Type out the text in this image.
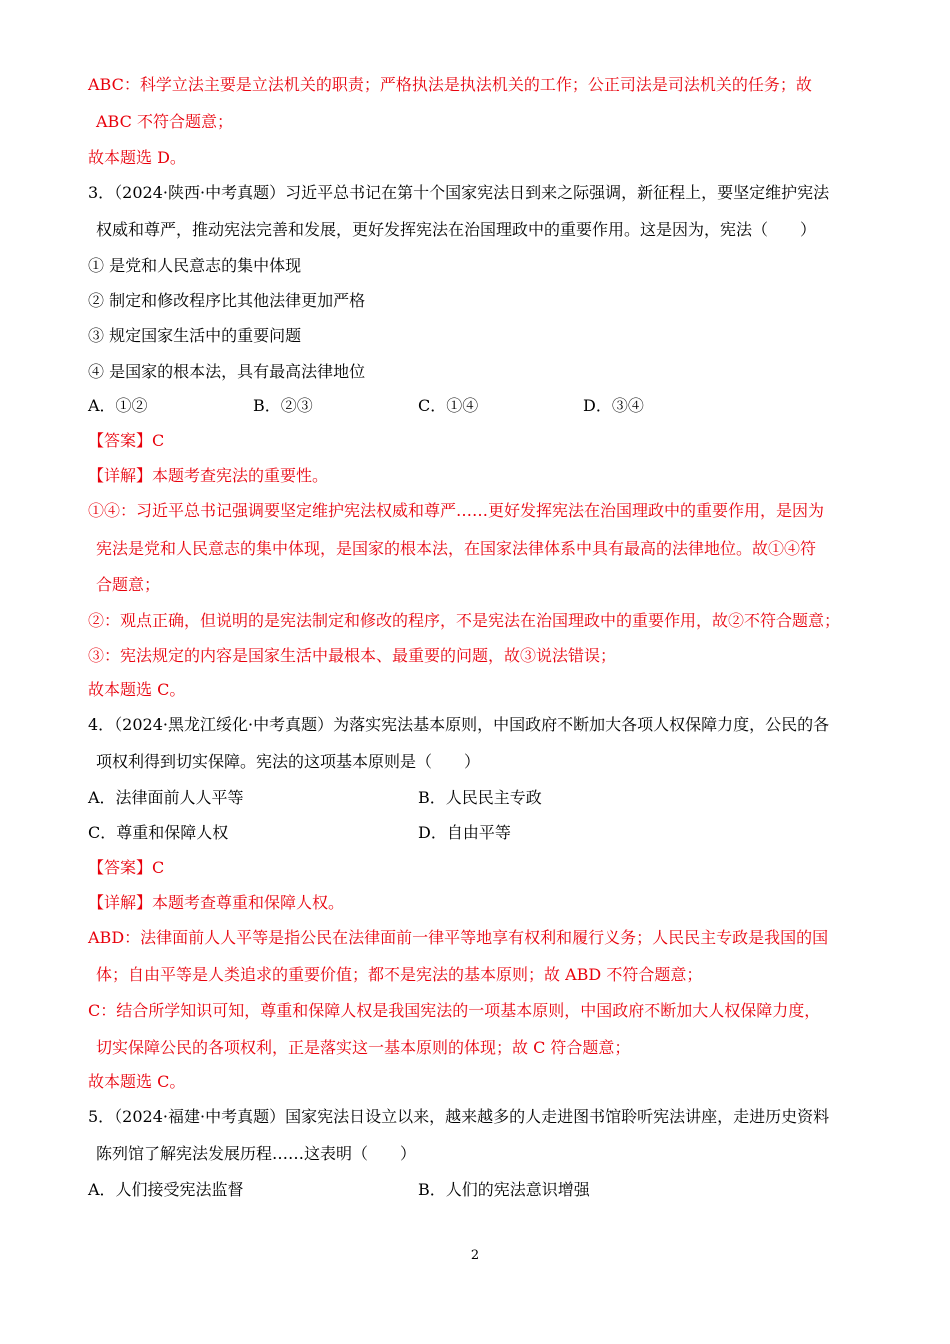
ABC：科学立法主要是立法机关的职责；严格执法是执法机关的工作；公正司法是司法机关的任务；故
ABC 不符合题意；
故本题选 D。
3．（2024·陕西·中考真题）习近平总书记在第十个国家宪法日到来之际强调，新征程上，要坚定维护宪法
权威和尊严，推动宪法完善和发展，更好发挥宪法在治国理政中的重要作用。这是因为，宪法（　　）
① 是党和人民意志的集中体现
② 制定和修改程序比其他法律更加严格
③ 规定国家生活中的重要问题
④ 是国家的根本法，具有最高法律地位
A．①②	B．②③	C．①④	D．③④
【答案】C
【详解】本题考查宪法的重要性。
①④：习近平总书记强调要坚定维护宪法权威和尊严……更好发挥宪法在治国理政中的重要作用，是因为
宪法是党和人民意志的集中体现，是国家的根本法，在国家法律体系中具有最高的法律地位。故①④符
合题意；
②：观点正确，但说明的是宪法制定和修改的程序，不是宪法在治国理政中的重要作用，故②不符合题意；
③：宪法规定的内容是国家生活中最根本、最重要的问题，故③说法错误；
故本题选 C。
4．（2024·黑龙江绥化·中考真题）为落实宪法基本原则，中国政府不断加大各项人权保障力度，公民的各
项权利得到切实保障。宪法的这项基本原则是（　　）
A．法律面前人人平等	B．人民民主专政
C．尊重和保障人权	D．自由平等
【答案】C
【详解】本题考查尊重和保障人权。
ABD：法律面前人人平等是指公民在法律面前一律平等地享有权利和履行义务；人民民主专政是我国的国
体；自由平等是人类追求的重要价值；都不是宪法的基本原则；故 ABD 不符合题意；
C：结合所学知识可知，尊重和保障人权是我国宪法的一项基本原则，中国政府不断加大人权保障力度，
切实保障公民的各项权利，正是落实这一基本原则的体现；故 C 符合题意；
故本题选 C。
5．（2024·福建·中考真题）国家宪法日设立以来，越来越多的人走进图书馆聆听宪法讲座，走进历史资料
陈列馆了解宪法发展历程……这表明（　　）
A．人们接受宪法监督	B．人们的宪法意识增强
2
